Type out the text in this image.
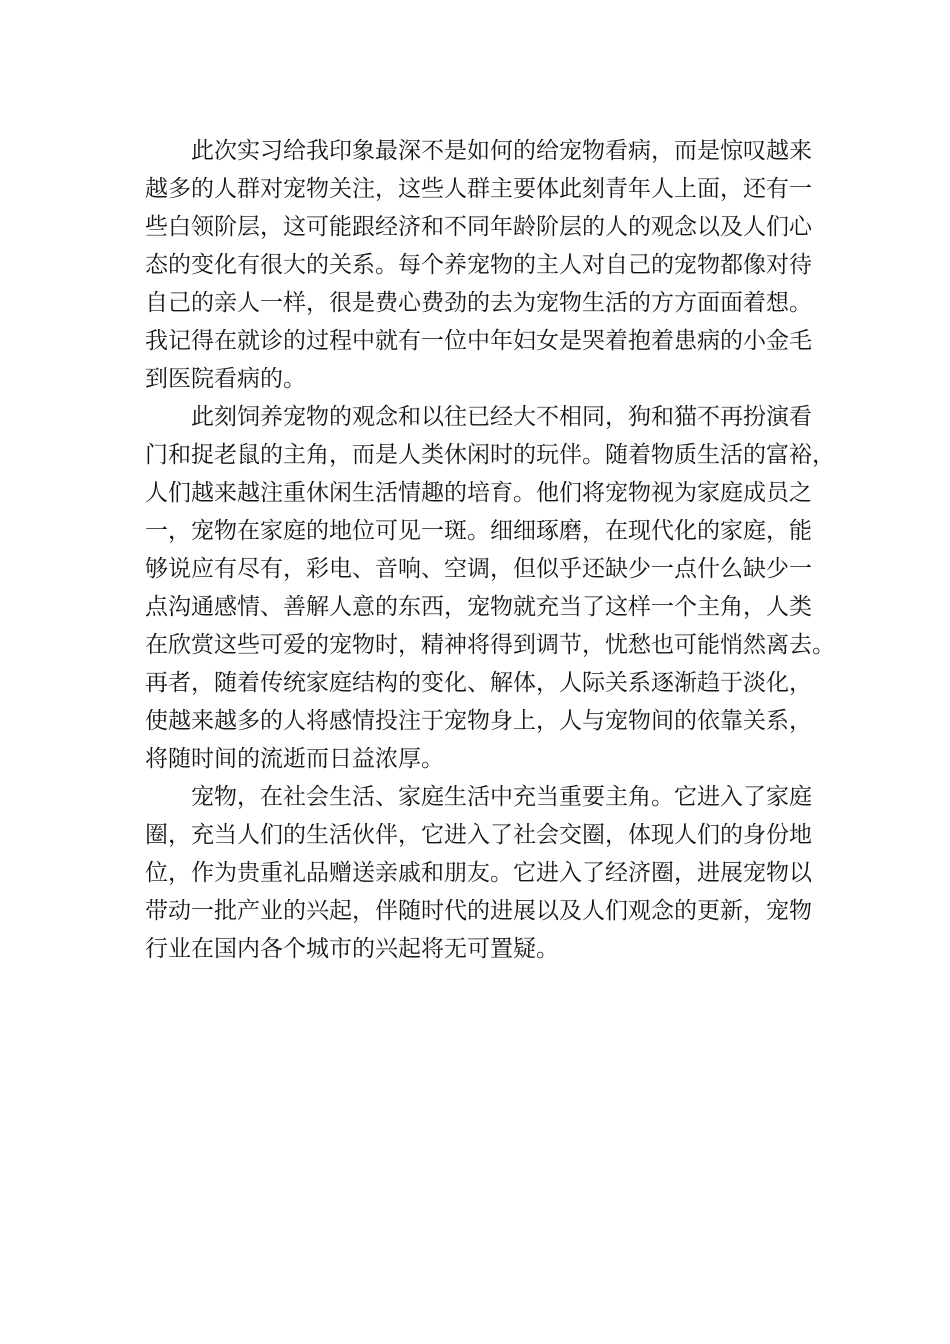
此次实习给我印象最深不是如何的给宠物看病，而是惊叹越来
越多的人群对宠物关注，这些人群主要体此刻青年人上面，还有一
些白领阶层，这可能跟经济和不同年龄阶层的人的观念以及人们心
态的变化有很大的关系。每个养宠物的主人对自己的宠物都像对待
自己的亲人一样，很是费心费劲的去为宠物生活的方方面面着想。
我记得在就诊的过程中就有一位中年妇女是哭着抱着患病的小金毛
到医院看病的。
此刻饲养宠物的观念和以往已经大不相同，狗和猫不再扮演看
门和捉老鼠的主角，而是人类休闲时的玩伴。随着物质生活的富裕，
人们越来越注重休闲生活情趣的培育。他们将宠物视为家庭成员之
一，宠物在家庭的地位可见一斑。细细琢磨，在现代化的家庭，能
够说应有尽有，彩电、音响、空调，但似乎还缺少一点什么缺少一
点沟通感情、善解人意的东西，宠物就充当了这样一个主角，人类
在欣赏这些可爱的宠物时，精神将得到调节，忧愁也可能悄然离去。
再者，随着传统家庭结构的变化、解体，人际关系逐渐趋于淡化，
使越来越多的人将感情投注于宠物身上，人与宠物间的依靠关系，
将随时间的流逝而日益浓厚。
宠物，在社会生活、家庭生活中充当重要主角。它进入了家庭
圈，充当人们的生活伙伴，它进入了社会交圈，体现人们的身份地
位，作为贵重礼品赠送亲戚和朋友。它进入了经济圈，进展宠物以
带动一批产业的兴起，伴随时代的进展以及人们观念的更新，宠物
行业在国内各个城市的兴起将无可置疑。
